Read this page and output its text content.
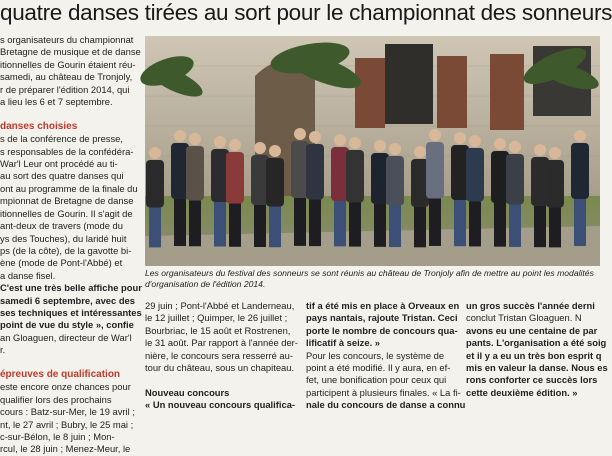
quatre danses tirées au sort pour le championnat des sonneurs
s organisateurs du championnat
Bretagne de musique et de danse
itionnelles de Gourin étaient réu-
samedi, au château de Tronjoly,
r de préparer l'édition 2014, qui
a lieu les 6 et 7 septembre.

danses choisies
s de la conférence de presse,
s responsables de la confédéra-
War'l Leur ont procédé au ti-
au sort des quatre danses qui
ont au programme de la finale du
mpionnat de Bretagne de danse
itionnelles de Gourin. Il s'agit de
ant-deux de travers (mode du
ys des Touches), du laridé huit
ps (de la côte), de la gavotte bi-
ène (mode de Pont-l'Abbé) et
a danse fisel.
C'est une très belle affiche pour
samedi 6 septembre, avec des
ses techniques et intéressantes
point de vue du style », confie
an Gloaguen, directeur de War'l
r.

épreuves de qualification
este encore onze chances pour
qualifier lors des prochains
cours : Batz-sur-Mer, le 19 avril ;
nt, le 27 avril ; Bubry, le 25 mai ;
c-sur-Bélon, le 8 juin ; Mon-
rcul, le 28 juin ; Menez-Meur, le
Les organisateurs du festival des sonneurs se sont réunis au château de Tronjoly afin de mettre au point les modalités
d'organisation de l'édition 2014.
29 juin ; Pont-l'Abbé et Landerneau,
le 12 juillet ; Quimper, le 26 juillet ;
Bourbriac, le 15 août et Rostrenen,
le 31 août. Par rapport à l'année der-
nière, le concours sera resserré au-
tour du château, sous un chapiteau.

Nouveau concours
« Un nouveau concours qualifica-
tif a été mis en place à Orveaux en
pays nantais, rajoute Tristan. Ceci
porte le nombre de concours qua-
lificatif à seize. »
Pour les concours, le système de
point a été modifié. Il y aura, en ef-
fet, une bonification pour ceux qui
participent à plusieurs finales. « La fi-
nale du concours de danse a connu
un gros succès l'année derni
conclut Tristan Gloaguen. N
avons eu une centaine de par
pants. L'organisation a été soig
et il y a eu un très bon esprit q
mis en valeur la danse. Nous es
rons conforter ce succès lors
cette deuxième édition. »
